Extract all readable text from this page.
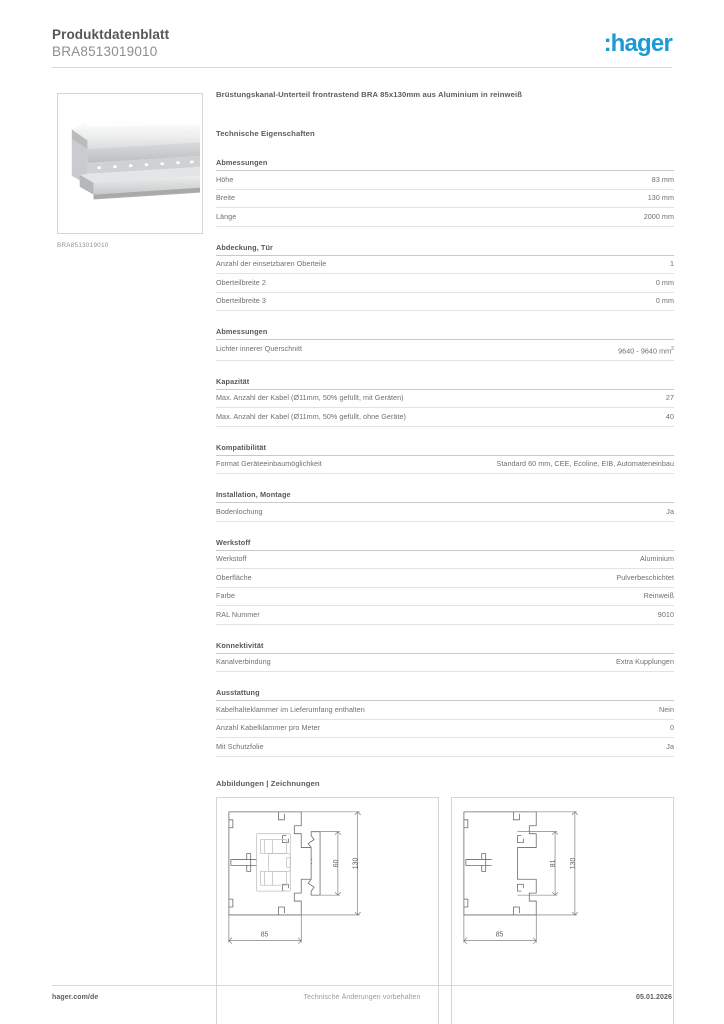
Produktdatenblatt
BRA8513019010	:hager
BRA8513019010
Brüstungskanal-Unterteil frontrastend BRA 85x130mm aus Aluminium in reinweiß
Technische Eigenschaften
Abmessungen
Höhe	83 mm
Breite	130 mm
Länge	2000 mm
Abdeckung, Tür
Anzahl der einsetzbaren Oberteile	1
Oberteilbreite 2	0 mm
Oberteilbreite 3	0 mm
Abmessungen
Lichter innerer Querschnitt	9640 - 9640 $mm^2$
Kapazität
Max. Anzahl der Kabel (Ø11mm, 50% gefüllt, mit Geräten)	27
Max. Anzahl der Kabel (Ø11mm, 50% gefüllt, ohne Geräte)	40
Kompatibilität
Format Geräteeinbaumöglichkeit	Standard 60 mm, CEE, Ecoline, EIB, Automateneinbau
Installation, Montage
Bodenlochung	Ja
Werkstoff
Werkstoff	Aluminium
Oberfläche	Pulverbeschichtet
Farbe	Reinweiß
RAL Nummer	9010
Konnektivität
Kanalverbindung	Extra Kupplungen
Ausstattung
Kabelhalteklammer im Lieferumfang enthalten	Nein
Anzahl Kabelklammer pro Meter	0
Mit Schutzfolie	Ja
Abbildungen | Zeichnungen
60 130
85
81 130
85
hager.com/de	Technische Änderungen vorbehalten	05.01.2026
